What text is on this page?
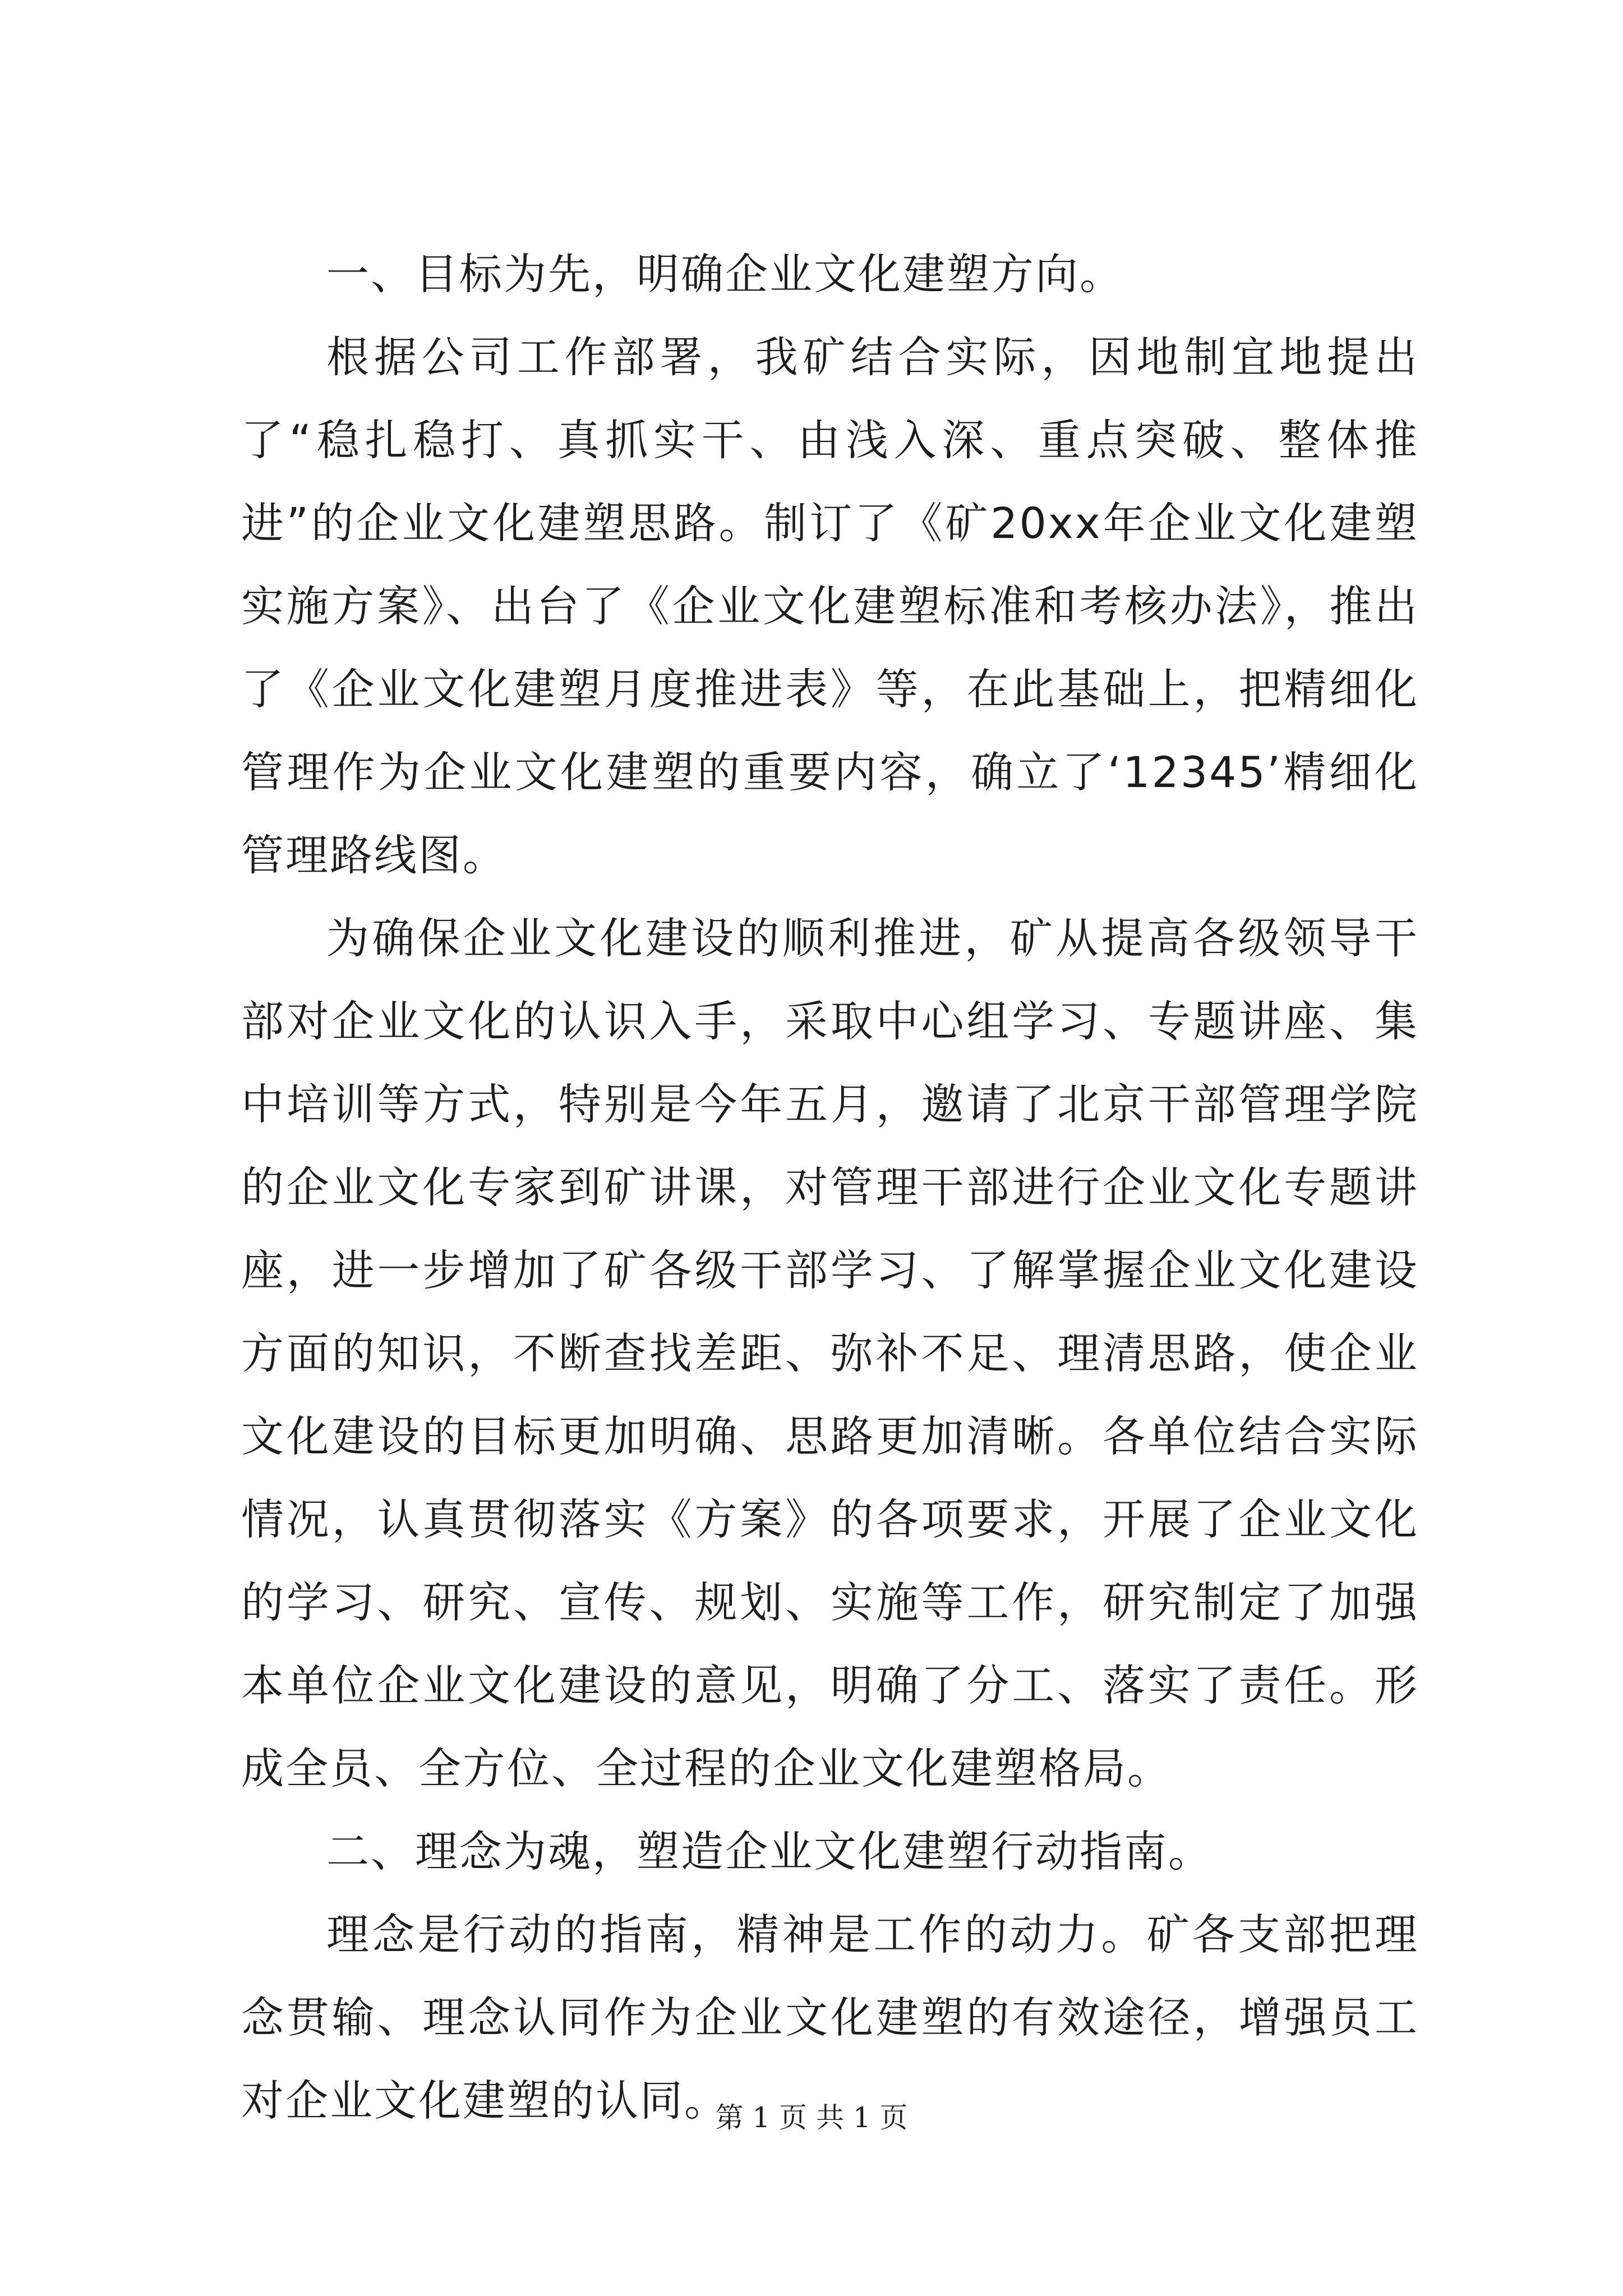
一、目标为先，明确企业文化建塑方向。

根据公司工作部署，我矿结合实际，因地制宜地提出了“稳扎稳打、真抓实干、由浅入深、重点突破、整体推进”的企业文化建塑思路。制订了《矿20xx年企业文化建塑实施方案》、出台了《企业文化建塑标准和考核办法》，推出了《企业文化建塑月度推进表》等，在此基础上，把精细化管理作为企业文化建塑的重要内容，确立了‘12345’精细化管理路线图。

为确保企业文化建设的顺利推进，矿从提高各级领导干部对企业文化的认识入手，采取中心组学习、专题讲座、集中培训等方式，特别是今年五月，邀请了北京干部管理学院的企业文化专家到矿讲课，对管理干部进行企业文化专题讲座，进一步增加了矿各级干部学习、了解掌握企业文化建设方面的知识，不断查找差距、弥补不足、理清思路，使企业文化建设的目标更加明确、思路更加清晰。各单位结合实际情况，认真贯彻落实《方案》的各项要求，开展了企业文化的学习、研究、宣传、规划、实施等工作，研究制定了加强本单位企业文化建设的意见，明确了分工、落实了责任。形成全员、全方位、全过程的企业文化建塑格局。

二、理念为魂，塑造企业文化建塑行动指南。

理念是行动的指南，精神是工作的动力。矿各支部把理念贯输、理念认同作为企业文化建塑的有效途径，增强员工对企业文化建塑的认同。

第 1 页 共 1 页
